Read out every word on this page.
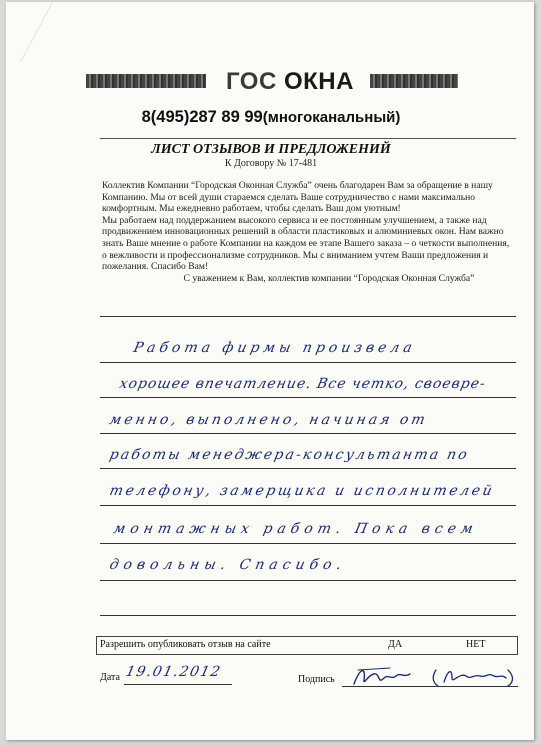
ГОС ОКНА
8(495)287 89 99(многоканальный)
ЛИСТ ОТЗЫВОВ И ПРЕДЛОЖЕНИЙ
К Договору № 17-481

Коллектив Компании “Городская Оконная Служба” очень благодарен Вам за обращение в нашу Компанию. Мы от всей души стараемся сделать Ваше сотрудничество с нами максимально комфортным. Мы ежедневно работаем, чтобы сделать Ваш дом уютным!

Мы работаем над поддержанием высокого сервиса и ее постоянным улучшением, а также над продвижением инновационных решений в области пластиковых и алюминиевых окон. Нам важно знать Ваше мнение о работе Компании на каждом ее этапе Вашего заказа – о четкости выполнения, о вежливости и профессионализме сотрудников. Мы с вниманием учтем Ваши предложения и пожелания. Спасибо Вам!

С уважением к Вам, коллектив компании “Городская Оконная Служба”

Работа фирмы произвела
хорошее впечатление. Все четко, своевре-
менно, выполнено, начиная от
работы менеджера-консультанта по
телефону, замерщика и исполнителей
монтажных работ. Пока всем
довольны. Спасибо.
Разрешить опубликовать отзыв на сайте	ДА	НЕТ
Дата 19.01.2012	Подпись
